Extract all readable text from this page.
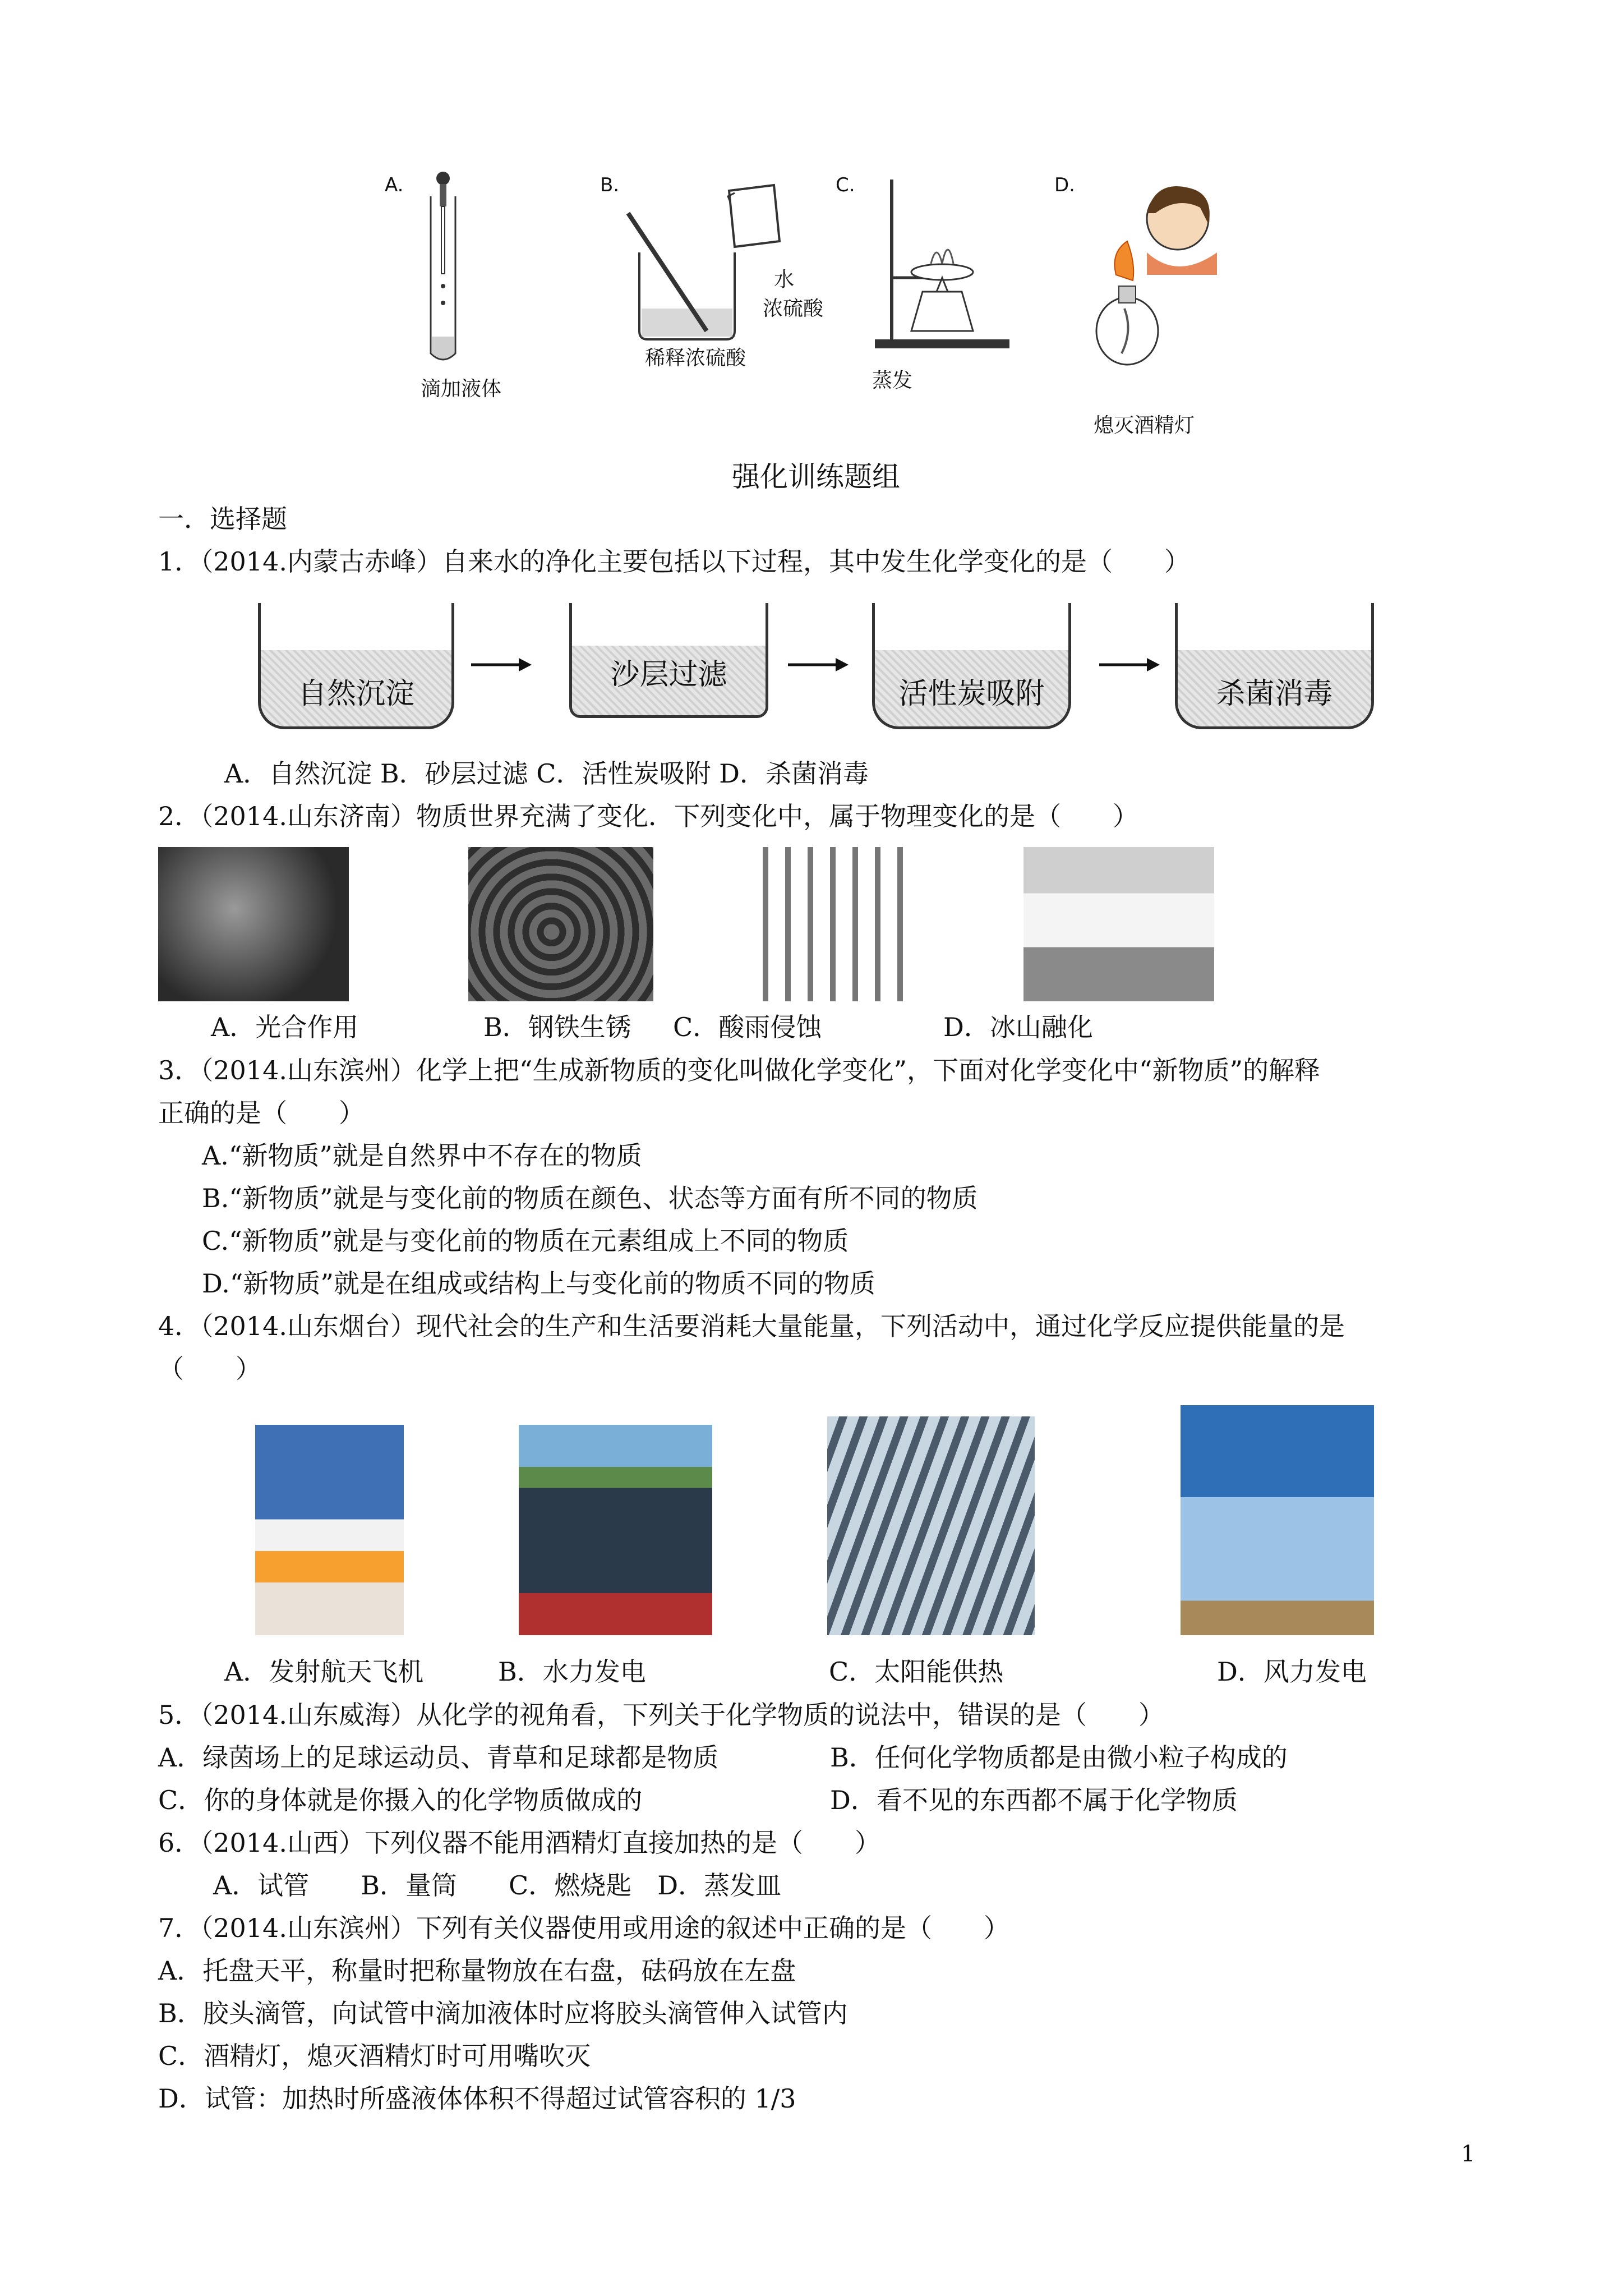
A.
滴加液体
B.
水
浓硫酸
稀释浓硫酸
C.
蒸发
D.
熄灭酒精灯
强化训练题组
一．选择题
1．（2014.内蒙古赤峰）自来水的净化主要包括以下过程，其中发生化学变化的是（　　）
自然沉淀
沙层过滤
活性炭吸附	杀菌消毒
A．自然沉淀 B．砂层过滤 C．活性炭吸附 D．杀菌消毒
2．（2014.山东济南）物质世界充满了变化．下列变化中，属于物理变化的是（　　）
A．光合作用	B．钢铁生锈 C．酸雨侵蚀	D．冰山融化
3．（2014.山东滨州）化学上把“生成新物质的变化叫做化学变化”，下面对化学变化中“新物质”的解释
正确的是（　　）
A.“新物质”就是自然界中不存在的物质
B.“新物质”就是与变化前的物质在颜色、状态等方面有所不同的物质
C.“新物质”就是与变化前的物质在元素组成上不同的物质
D.“新物质”就是在组成或结构上与变化前的物质不同的物质
4．（2014.山东烟台）现代社会的生产和生活要消耗大量能量，下列活动中，通过化学反应提供能量的是
（　　）
A．发射航天飞机	B．水力发电	C．太阳能供热	D．风力发电
5．（2014.山东威海）从化学的视角看，下列关于化学物质的说法中，错误的是（　　）
A．绿茵场上的足球运动员、青草和足球都是物质	B．任何化学物质都是由微小粒子构成的
C．你的身体就是你摄入的化学物质做成的	D．看不见的东西都不属于化学物质
6．（2014.山西）下列仪器不能用酒精灯直接加热的是（　　）
A．试管　　B．量筒　　C．燃烧匙　D．蒸发皿
7．（2014.山东滨州）下列有关仪器使用或用途的叙述中正确的是（　　）
A．托盘天平，称量时把称量物放在右盘，砝码放在左盘
B．胶头滴管，向试管中滴加液体时应将胶头滴管伸入试管内
C．酒精灯，熄灭酒精灯时可用嘴吹灭
D．试管：加热时所盛液体体积不得超过试管容积的 1/3
1
